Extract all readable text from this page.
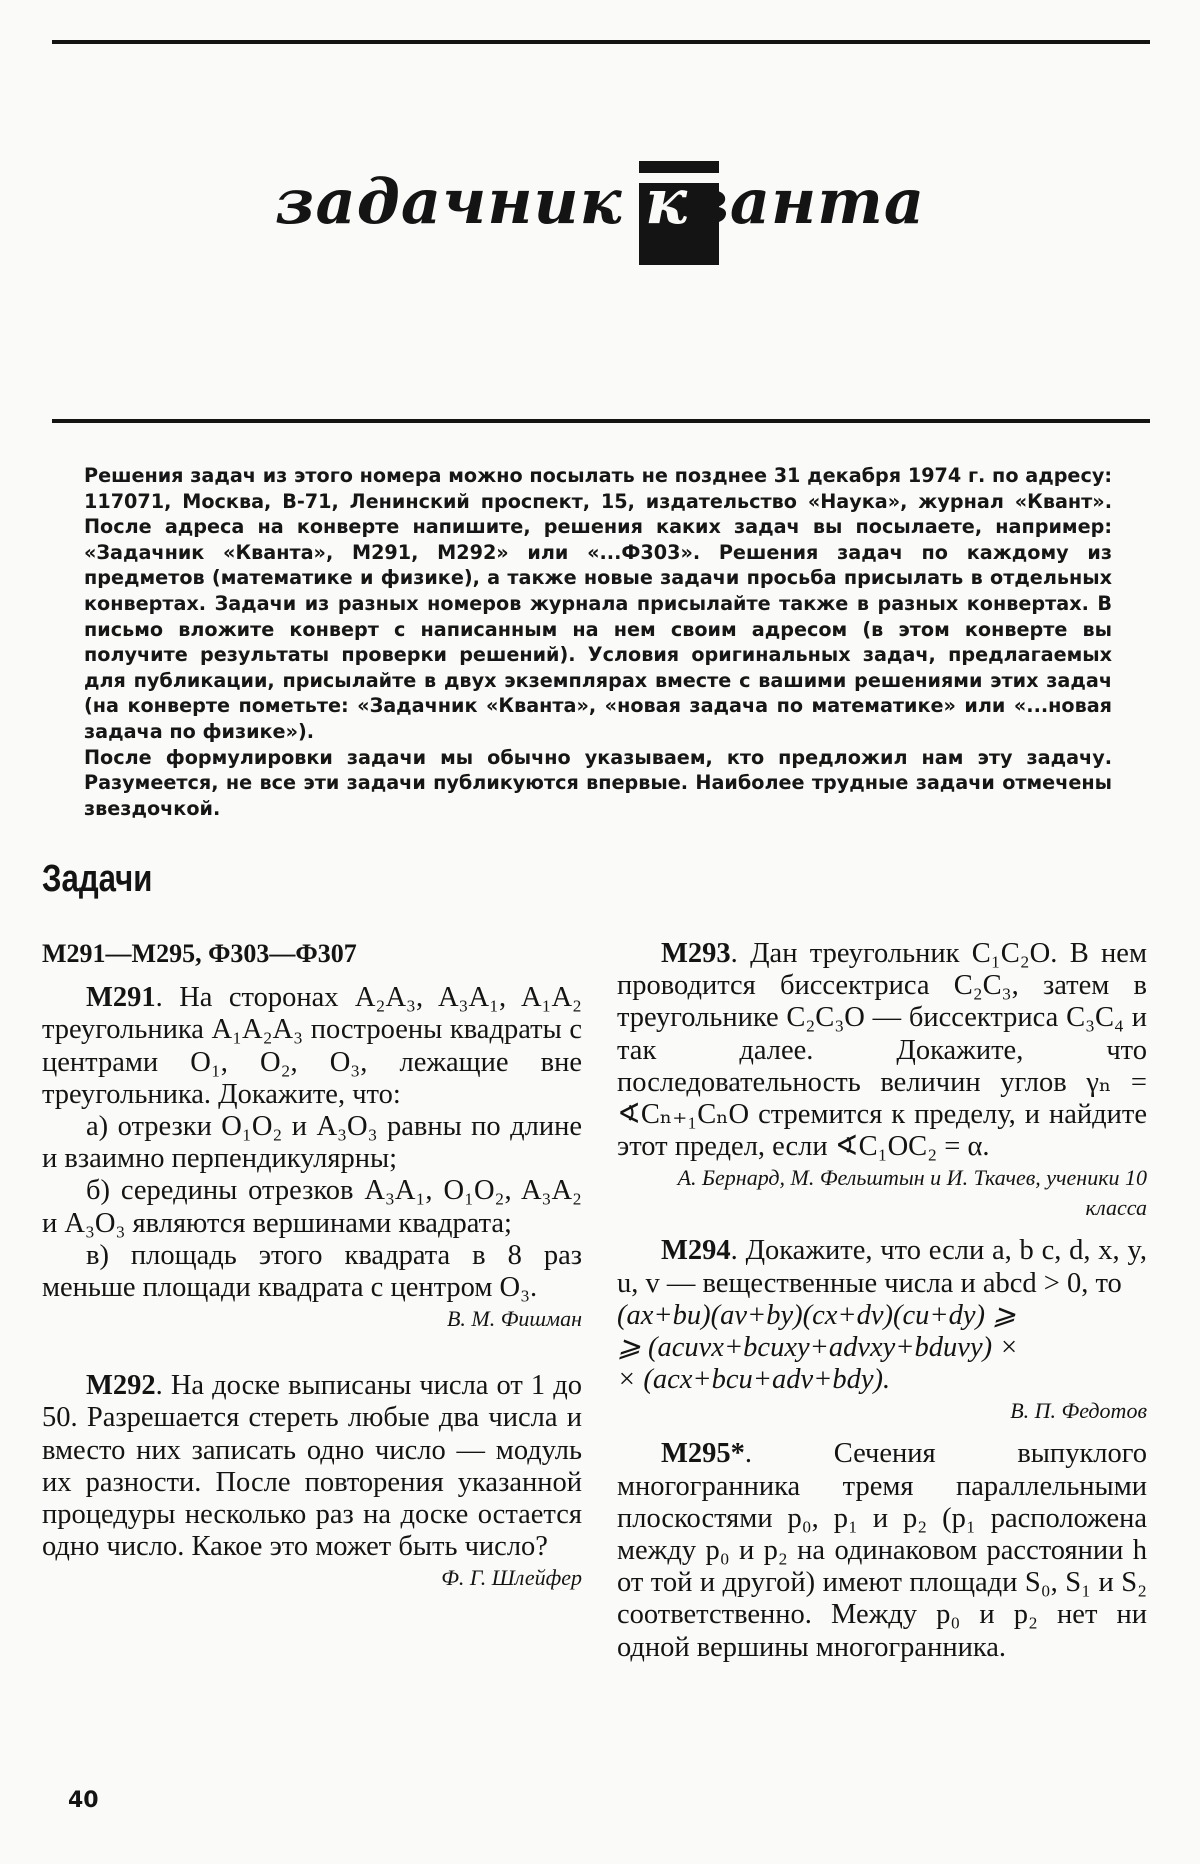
задачник
кванта

Решения задач из этого номера можно посылать не позднее 31 декабря 1974 г. по адресу: 117071, Москва, В-71, Ленинский проспект, 15, издательство «Наука», журнал «Квант». После адреса на конверте напишите, решения каких задач вы посылаете, например: «Задачник «Кванта», М291, М292» или «...Ф303». Решения задач по каждому из предметов (математике и физике), а также новые задачи просьба присылать в отдельных конвертах. Задачи из разных номеров журнала присылайте также в разных конвертах. В письмо вложите конверт с написанным на нем своим адресом (в этом конверте вы получите результаты проверки решений). Условия оригинальных задач, предлагаемых для публикации, присылайте в двух экземплярах вместе с вашими решениями этих задач (на конверте пометьте: «Задачник «Кванта», «новая задача по математике» или «...новая задача по физике»).

После формулировки задачи мы обычно указываем, кто предложил нам эту задачу. Разумеется, не все эти задачи публикуются впервые. Наиболее трудные задачи отмечены звездочкой.

Задачи

М291—М295, Ф303—Ф307

М291. На сторонах A₂A₃, A₃A₁, A₁A₂ треугольника A₁A₂A₃ построены квадраты с центрами O₁, O₂, O₃, лежащие вне треугольника. Докажите, что:

а) отрезки O₁O₂ и A₃O₃ равны по длине и взаимно перпендикулярны;

б) середины отрезков A₃A₁, O₁O₂, A₃A₂ и A₃O₃ являются вершинами квадрата;

в) площадь этого квадрата в 8 раз меньше площади квадрата с центром O₃.

В. М. Фишман

М292. На доске выписаны числа от 1 до 50. Разрешается стереть любые два числа и вместо них записать одно число — модуль их разности. После повторения указанной процедуры несколько раз на доске остается одно число. Какое это может быть число?

Ф. Г. Шлейфер

М293. Дан треугольник C₁C₂O. В нем проводится биссектриса C₂C₃, затем в треугольнике C₂C₃O — биссектриса C₃C₄ и так далее. Докажите, что последовательность величин углов γₙ = ∢Cₙ₊₁CₙO стремится к пределу, и найдите этот предел, если ∢C₁OC₂ = α.

А. Бернард, М. Фельштын и И. Ткачев, ученики 10 класса

М294. Докажите, что если a, b c, d, x, y, u, v — вещественные числа и abcd > 0, то

(ax+bu)(av+by)(cx+dv)(cu+dy) ⩾

⩾ (acuvx+bcuxy+advxy+bduvy) ×

× (acx+bcu+adv+bdy).

В. П. Федотов

М295*. Сечения выпуклого многогранника тремя параллельными плоскостями p₀, p₁ и p₂ (p₁ расположена между p₀ и p₂ на одинаковом расстоянии h от той и другой) имеют площади S₀, S₁ и S₂ соответственно. Между p₀ и p₂ нет ни одной вершины многогранника.

40
